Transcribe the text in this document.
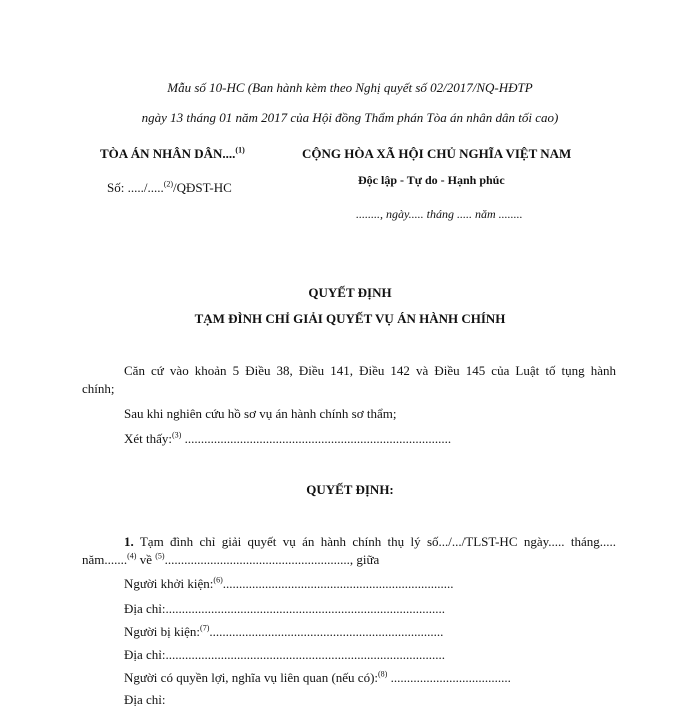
Mẫu số 10-HC (Ban hành kèm theo Nghị quyết số 02/2017/NQ-HĐTP
ngày 13 tháng 01 năm 2017 của Hội đồng Thẩm phán Tòa án nhân dân tối cao)
TÒA ÁN NHÂN DÂN....$^{(1)}$
Số: ...../.....$^{(2)}$/QĐST-HC
CỘNG HÒA XÃ HỘI CHỦ NGHĨA VIỆT NAM
Độc lập - Tự do - Hạnh phúc
........, ngày..... tháng ..... năm ........
QUYẾT ĐỊNH
TẠM ĐÌNH CHỈ GIẢI QUYẾT VỤ ÁN HÀNH CHÍNH
Căn cứ vào khoản 5 Điều 38, Điều 141, Điều 142 và Điều 145 của Luật tố tụng hành
chính;
Sau khi nghiên cứu hồ sơ vụ án hành chính sơ thẩm;
Xét thấy:$^{(3)}$ ..................................................................................
QUYẾT ĐỊNH:
1. Tạm đình chỉ giải quyết vụ án hành chính thụ lý số.../.../TLST-HC ngày..... tháng.....
năm.......$^{(4)}$ về $^{(5)}$........................................................., giữa
Người khởi kiện:$^{(6)}$.......................................................................
Địa chỉ:......................................................................................
Người bị kiện:$^{(7)}$........................................................................
Địa chỉ:......................................................................................
Người có quyền lợi, nghĩa vụ liên quan (nếu có):$^{(8)}$ .....................................
Địa chỉ:
